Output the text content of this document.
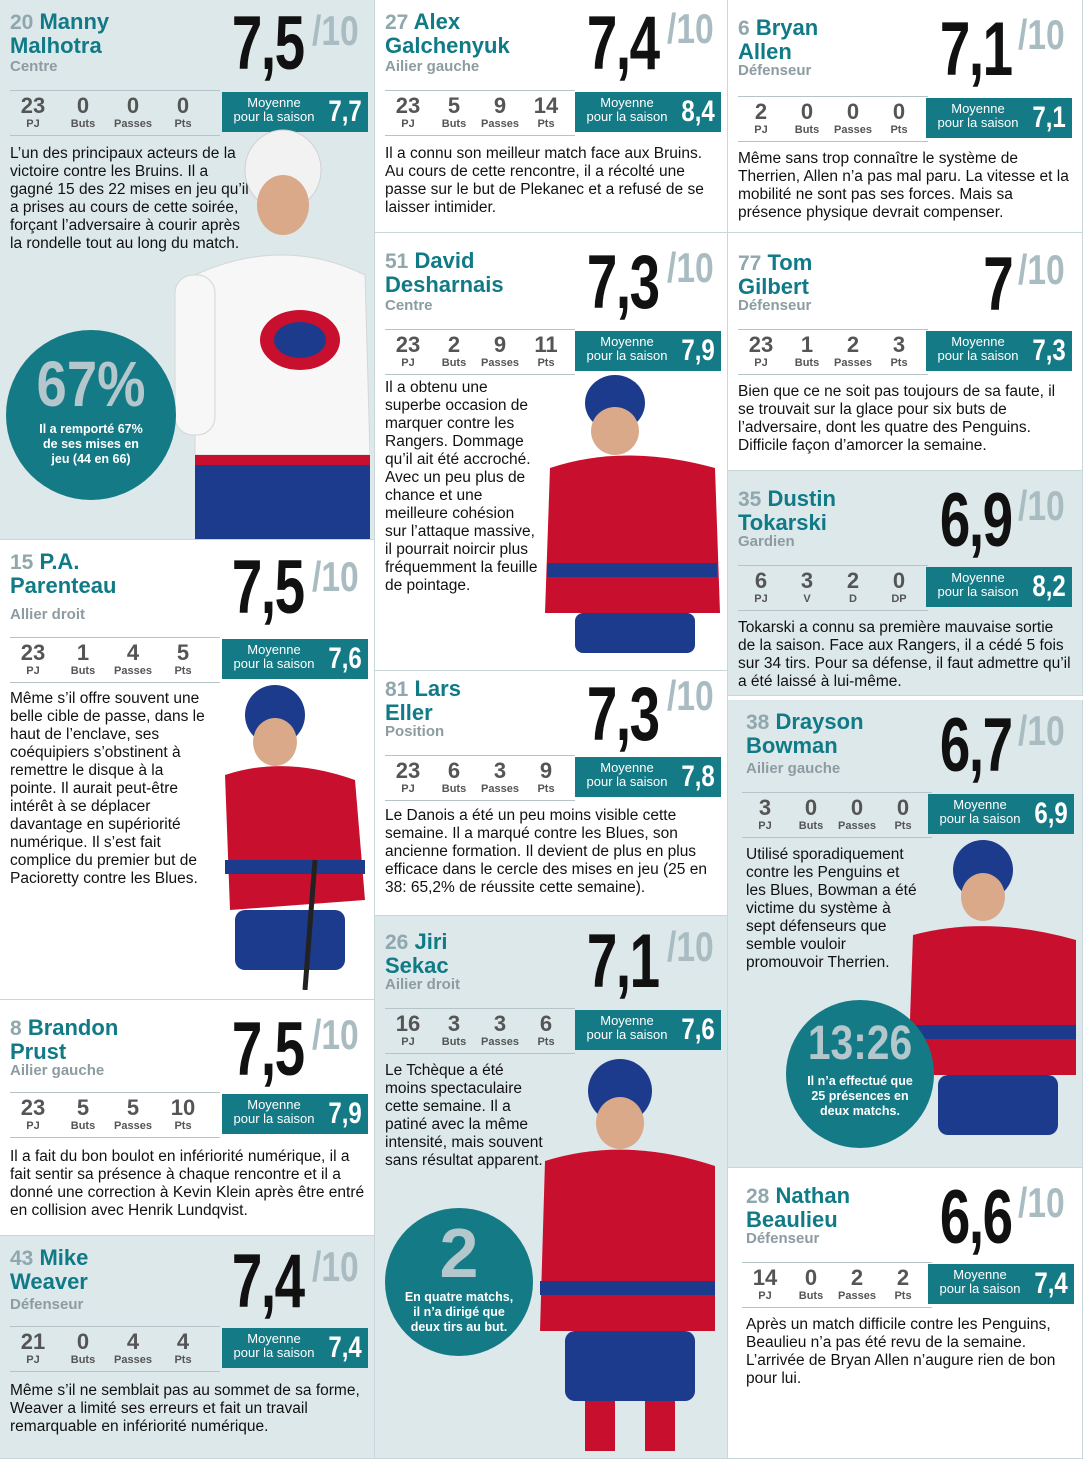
20 Manny
Malhotra
Centre 7,5 /10
23
PJ
0
Buts
0
Passes
0
Pts
Moyenne
pour la saison 7,7
L’un des principaux acteurs de la victoire contre les Bruins. Il a gagné 15 des 22 mises en jeu qu’il a prises au cours de cette soirée, forçant l’adversaire à courir après la rondelle tout au long du match.
67%
Il a remporté 67% de ses mises en jeu (44 en 66)
15 P.A.
Parenteau
Allier droit 7,5 /10
23
PJ
1
Buts
4
Passes
5
Pts
Moyenne
pour la saison 7,6
Même s’il offre souvent une belle cible de passe, dans le haut de l’enclave, ses coéquipiers s’obstinent à remettre le disque à la pointe. Il aurait peut-être intérêt à se déplacer davantage en supériorité numérique. Il s’est fait complice du premier but de Pacioretty contre les Blues.
8 Brandon
Prust
Ailier gauche 7,5 /10
23
PJ
5
Buts
5
Passes
10
Pts
Moyenne
pour la saison 7,9
Il a fait du bon boulot en infériorité numérique, il a fait sentir sa présence à chaque rencontre et il a donné une correction à Kevin Klein après être entré en collision avec Henrik Lundqvist.
43 Mike
Weaver
Défenseur 7,4 /10
21
PJ
0
Buts
4
Passes
4
Pts
Moyenne
pour la saison 7,4
Même s’il ne semblait pas au sommet de sa forme, Weaver a limité ses erreurs et fait un travail remarquable en infériorité numérique.
27 Alex
Galchenyuk
Ailier gauche 7,4 /10
23
PJ
5
Buts
9
Passes
14
Pts
Moyenne
pour la saison 8,4
Il a connu son meilleur match face aux Bruins. Au cours de cette rencontre, il a récolté une passe sur le but de Plekanec et a refusé de se laisser intimider.
51 David
Desharnais
Centre 7,3 /10
23
PJ
2
Buts
9
Passes
11
Pts
Moyenne
pour la saison 7,9
Il a obtenu une superbe occasion de marquer contre les Rangers. Dommage qu’il ait été accroché. Avec un peu plus de chance et une meilleure cohésion sur l’attaque massive, il pourrait noircir plus fréquemment la feuille de pointage.
81 Lars
Eller
Position 7,3 /10
23
PJ
6
Buts
3
Passes
9
Pts
Moyenne
pour la saison 7,8
Le Danois a été un peu moins visible cette semaine. Il a marqué contre les Blues, son ancienne formation. Il devient de plus en plus efficace dans le cercle des mises en jeu (25 en 38: 65,2% de réussite cette semaine).
26 Jiri
Sekac
Ailier droit 7,1 /10
16
PJ
3
Buts
3
Passes
6
Pts
Moyenne
pour la saison 7,6
Le Tchèque a été moins spectaculaire cette semaine. Il a patiné avec la même intensité, mais souvent sans résultat apparent.
2
En quatre matchs, il n’a dirigé que deux tirs au but.
6 Bryan
Allen
Défenseur 7,1 /10
2
PJ
0
Buts
0
Passes
0
Pts
Moyenne
pour la saison 7,1
Même sans trop connaître le système de Therrien, Allen n’a pas mal paru. La vitesse et la mobilité ne sont pas ses forces. Mais sa présence physique devrait compenser.
77 Tom
Gilbert
Défenseur 7 /10
23
PJ
1
Buts
2
Passes
3
Pts
Moyenne
pour la saison 7,3
Bien que ce ne soit pas toujours de sa faute, il se trouvait sur la glace pour six buts de l’adversaire, dont les quatre des Penguins. Difficile façon d’amorcer la semaine.
35 Dustin
Tokarski
Gardien 6,9 /10
6
PJ
3
V
2
D
0
DP
Moyenne
pour la saison 8,2
Tokarski a connu sa première mauvaise sortie de la saison. Face aux Rangers, il a cédé 5 fois sur 34 tirs. Pour sa défense, il faut admettre qu’il a été laissé à lui-même.
38 Drayson
Bowman
Ailier gauche 6,7 /10
3
PJ
0
Buts
0
Passes
0
Pts
Moyenne
pour la saison 6,9
Utilisé sporadiquement contre les Penguins et les Blues, Bowman a été victime du système à sept défenseurs que semble vouloir promouvoir Therrien.
13:26
Il n’a effectué que 25 présences en deux matchs.
28 Nathan
Beaulieu
Défenseur 6,6 /10
14
PJ
0
Buts
2
Passes
2
Pts
Moyenne
pour la saison 7,4
Après un match difficile contre les Penguins, Beaulieu n’a pas été revu de la semaine. L’arrivée de Bryan Allen n’augure rien de bon pour lui.
